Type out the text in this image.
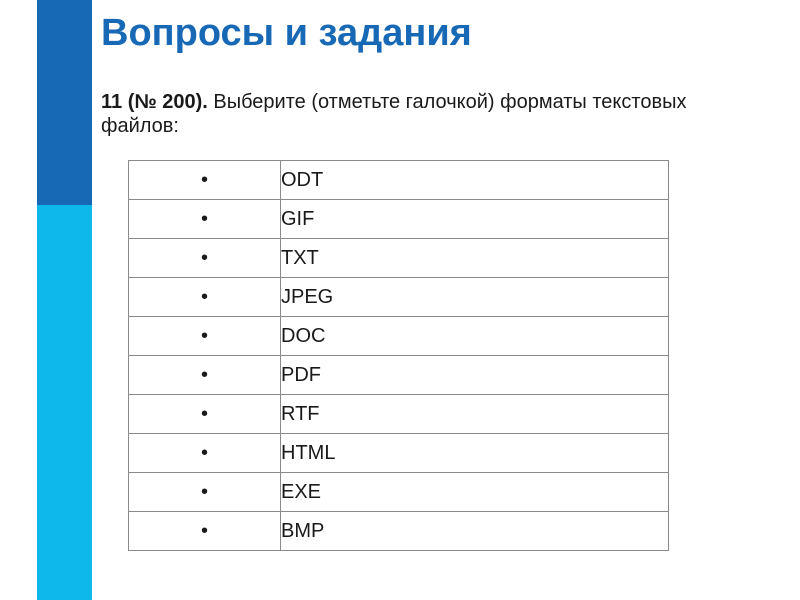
Вопросы и задания
11 (№ 200). Выберите (отметьте галочкой) форматы текстовых файлов:
•	ODT
•	GIF
•	TXT
•	JPEG
•	DOC
•	PDF
•	RTF
•	HTML
•	EXE
•	BMP
